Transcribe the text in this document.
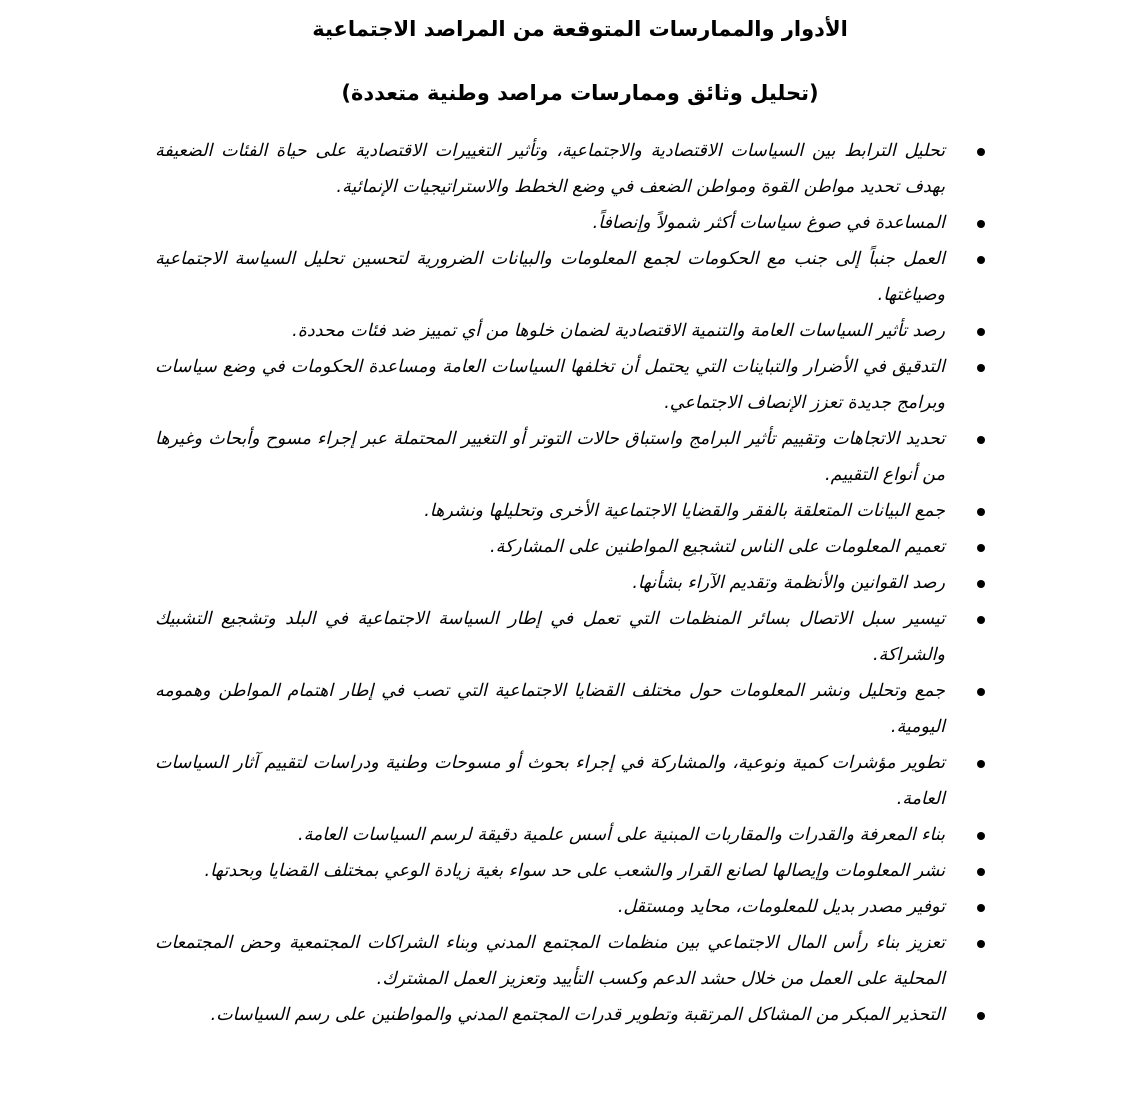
الأدوار والممارسات المتوقعة من المراصد الاجتماعية
(تحليل وثائق وممارسات مراصد وطنية متعددة)
تحليل الترابط بين السياسات الاقتصادية والاجتماعية، وتأثير التغييرات الاقتصادية على حياة الفئات الضعيفة بهدف تحديد مواطن القوة ومواطن الضعف في وضع الخطط والاستراتيجيات الإنمائية.
المساعدة في صوغ سياسات أكثر شمولاً وإنصافاً.
العمل جنباً إلى جنب مع الحكومات لجمع المعلومات والبيانات الضرورية لتحسين تحليل السياسة الاجتماعية وصياغتها.
رصد تأثير السياسات العامة والتنمية الاقتصادية لضمان خلوها من أي تمييز ضد فئات محددة.
التدقيق في الأضرار والتباينات التي يحتمل أن تخلفها السياسات العامة ومساعدة الحكومات في وضع سياسات وبرامج جديدة تعزز الإنصاف الاجتماعي.
تحديد الاتجاهات وتقييم تأثير البرامج واستباق حالات التوتر أو التغيير المحتملة عبر إجراء مسوح وأبحاث وغيرها من أنواع التقييم.
جمع البيانات المتعلقة بالفقر والقضايا الاجتماعية الأخرى وتحليلها ونشرها.
تعميم المعلومات على الناس لتشجيع المواطنين على المشاركة.
رصد القوانين والأنظمة وتقديم الآراء بشأنها.
تيسير سبل الاتصال بسائر المنظمات التي تعمل في إطار السياسة الاجتماعية في البلد وتشجيع التشبيك والشراكة.
جمع وتحليل ونشر المعلومات حول مختلف القضايا الاجتماعية التي تصب في إطار اهتمام المواطن وهمومه اليومية.
تطوير مؤشرات كمية ونوعية، والمشاركة في إجراء بحوث أو مسوحات وطنية ودراسات لتقييم آثار السياسات العامة.
بناء المعرفة والقدرات والمقاربات المبنية على أسس علمية دقيقة لرسم السياسات العامة.
نشر المعلومات وإيصالها لصانع القرار والشعب على حد سواء بغية زيادة الوعي بمختلف القضايا وبحدتها.
توفير مصدر بديل للمعلومات، محايد ومستقل.
تعزيز بناء رأس المال الاجتماعي بين منظمات المجتمع المدني وبناء الشراكات المجتمعية وحض المجتمعات المحلية على العمل من خلال حشد الدعم وكسب التأييد وتعزيز العمل المشترك.
التحذير المبكر من المشاكل المرتقبة وتطوير قدرات المجتمع المدني والمواطنين على رسم السياسات.
